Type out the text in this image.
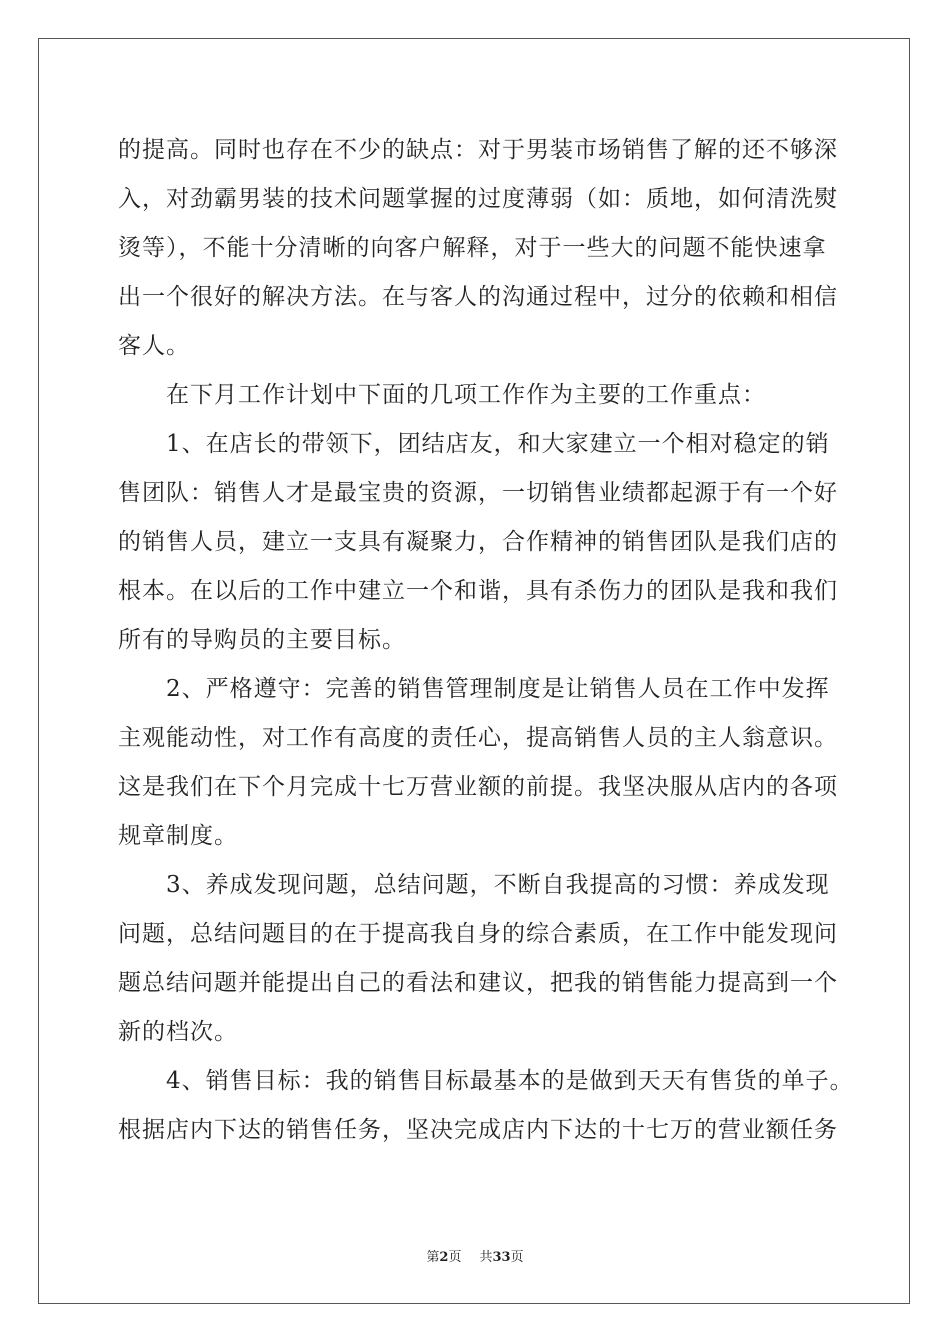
的提高。同时也存在不少的缺点：对于男装市场销售了解的还不够深
入，对劲霸男装的技术问题掌握的过度薄弱（如：质地，如何清洗熨
烫等），不能十分清晰的向客户解释，对于一些大的问题不能快速拿
出一个很好的解决方法。在与客人的沟通过程中，过分的依赖和相信
客人。
　　在下月工作计划中下面的几项工作作为主要的工作重点：
　　1、在店长的带领下，团结店友，和大家建立一个相对稳定的销
售团队：销售人才是最宝贵的资源，一切销售业绩都起源于有一个好
的销售人员，建立一支具有凝聚力，合作精神的销售团队是我们店的
根本。在以后的工作中建立一个和谐，具有杀伤力的团队是我和我们
所有的导购员的主要目标。
　　2、严格遵守：完善的销售管理制度是让销售人员在工作中发挥
主观能动性，对工作有高度的责任心，提高销售人员的主人翁意识。
这是我们在下个月完成十七万营业额的前提。我坚决服从店内的各项
规章制度。
　　3、养成发现问题，总结问题，不断自我提高的习惯：养成发现
问题，总结问题目的在于提高我自身的综合素质，在工作中能发现问
题总结问题并能提出自己的看法和建议，把我的销售能力提高到一个
新的档次。
　　4、销售目标：我的销售目标最基本的是做到天天有售货的单子。
根据店内下达的销售任务，坚决完成店内下达的十七万的营业额任务
第2页 共33页
